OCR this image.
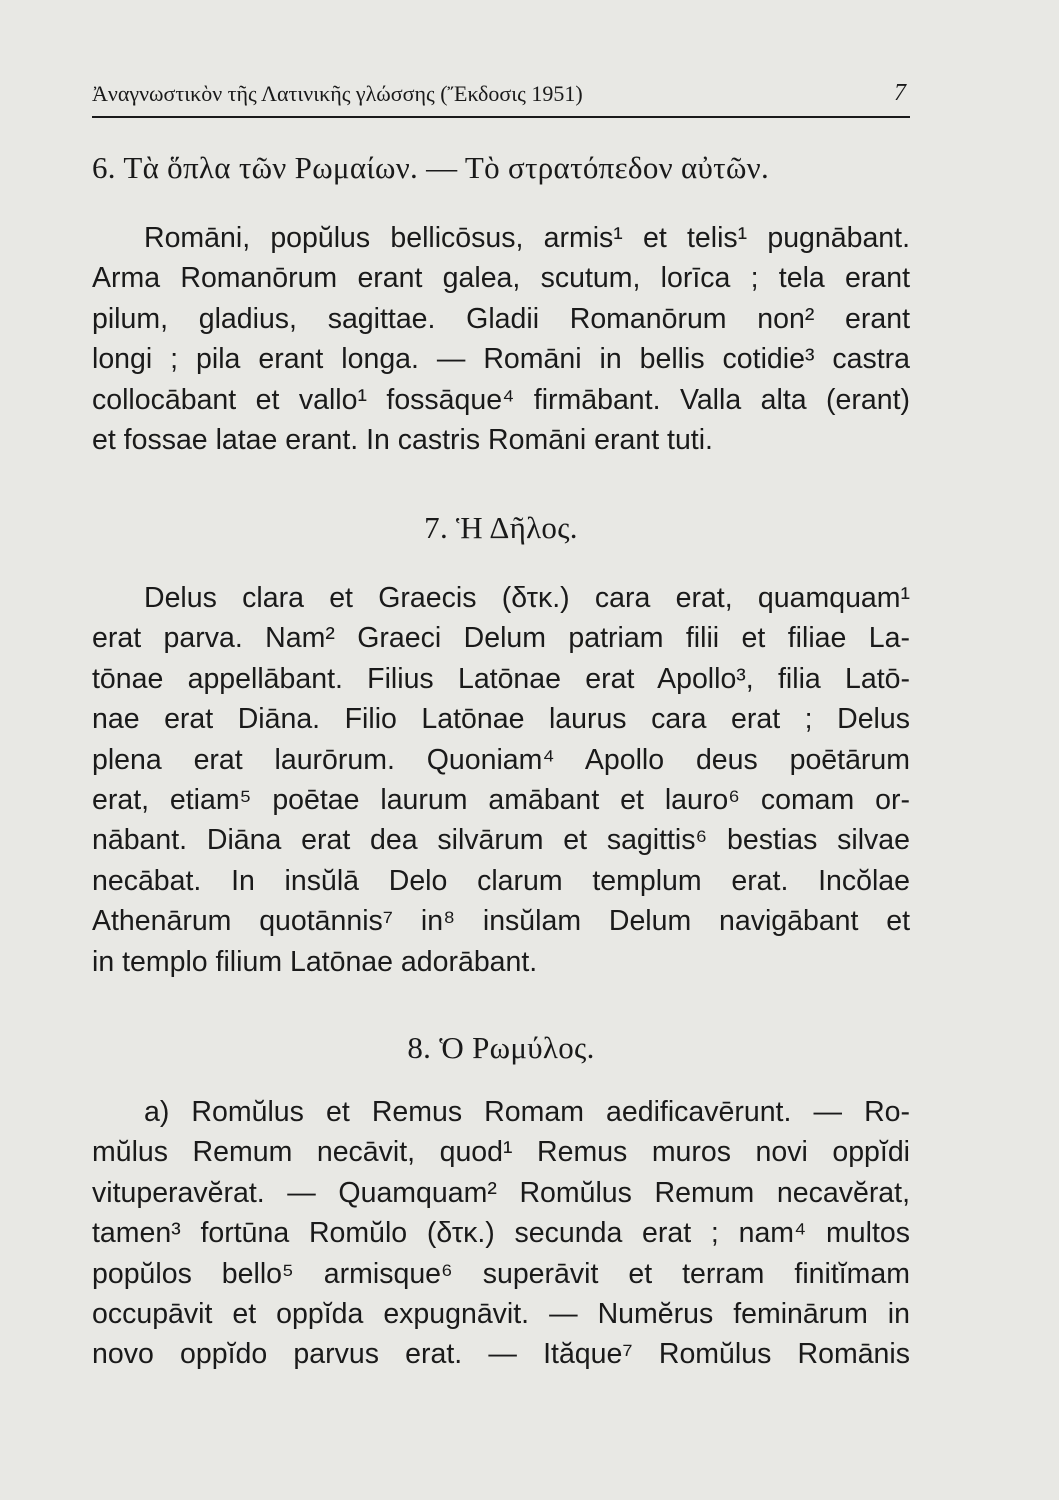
Ἀναγνωστικὸν τῆς Λατινικῆς γλώσσης (Ἔκδοσις 1951)	7
6. Τὰ ὅπλα τῶν Ρωμαίων. — Τὸ στρατόπεδον αὐτῶν.
Romāni, popŭlus bellicōsus, armis¹ et telis¹ pugnābant.
Arma Romanōrum erant galea, scutum, lorīca ; tela erant
pilum, gladius, sagittae. Gladii Romanōrum non² erant
longi ; pila erant longa. — Romāni in bellis cotidie³ castra
collocābant et vallo¹ fossāque⁴ firmābant. Valla alta (erant)
et fossae latae erant. In castris Romāni erant tuti.
7. Ἡ Δῆλος.
Delus clara et Graecis (δτκ.) cara erat, quamquam¹
erat parva. Nam² Graeci Delum patriam filii et filiae La-
tōnae appellābant. Filius Latōnae erat Apollo³, filia Latō-
nae erat Diāna. Filio Latōnae laurus cara erat ; Delus
plena erat laurōrum. Quoniam⁴ Apollo deus poētārum
erat, etiam⁵ poētae laurum amābant et lauro⁶ comam or-
nābant. Diāna erat dea silvārum et sagittis⁶ bestias silvae
necābat. In insŭlā Delo clarum templum erat. Incŏlae
Athenārum quotānnis⁷ in⁸ insŭlam Delum navigābant et
in templo filium Latōnae adorābant.
8. Ὁ Ρωμύλος.
a) Romŭlus et Remus Romam aedificavērunt. — Ro-
mŭlus Remum necāvit, quod¹ Remus muros novi oppĭdi
vituperavĕrat. — Quamquam² Romŭlus Remum necavĕrat,
tamen³ fortūna Romŭlo (δτκ.) secunda erat ; nam⁴ multos
popŭlos bello⁵ armisque⁶ superāvit et terram finitĭmam
occupāvit et oppĭda expugnāvit. — Numĕrus feminārum in
novo oppĭdo parvus erat. — Ităque⁷ Romŭlus Romānis
